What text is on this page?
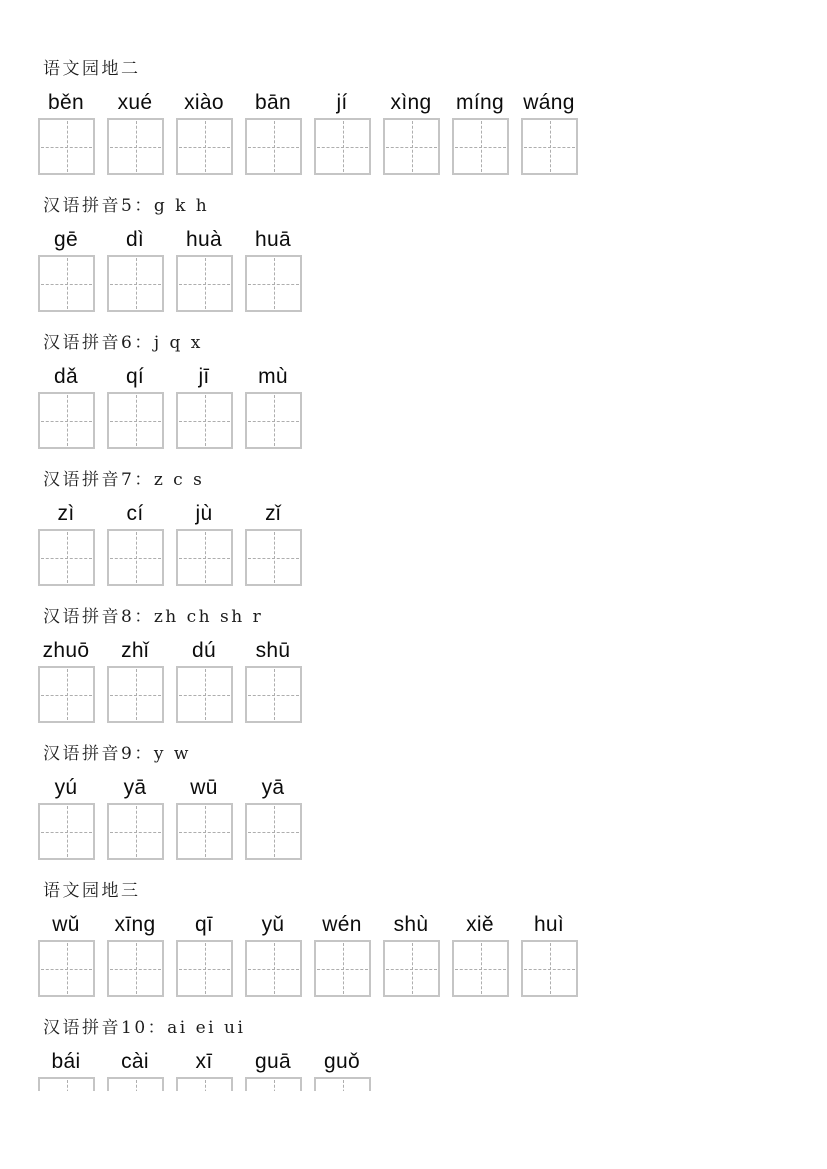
语文园地二
běn	xué	xiào	bān	jí	xìng	míng wáng
汉语拼音5：g k h
gē	dì	huà	huā
汉语拼音6：j q x
dǎ	qí	jī	mù
汉语拼音7：z c s
zì	cí	jù	zǐ
汉语拼音8：zh ch sh r
zhuō	zhǐ	dú	shū
汉语拼音9：y w
yú	yā	wū	yā
语文园地三
wǔ	xīng	qī	yǔ	wén	shù	xiě	huì
汉语拼音10：ai ei ui
bái	cài	xī	guā	guǒ
